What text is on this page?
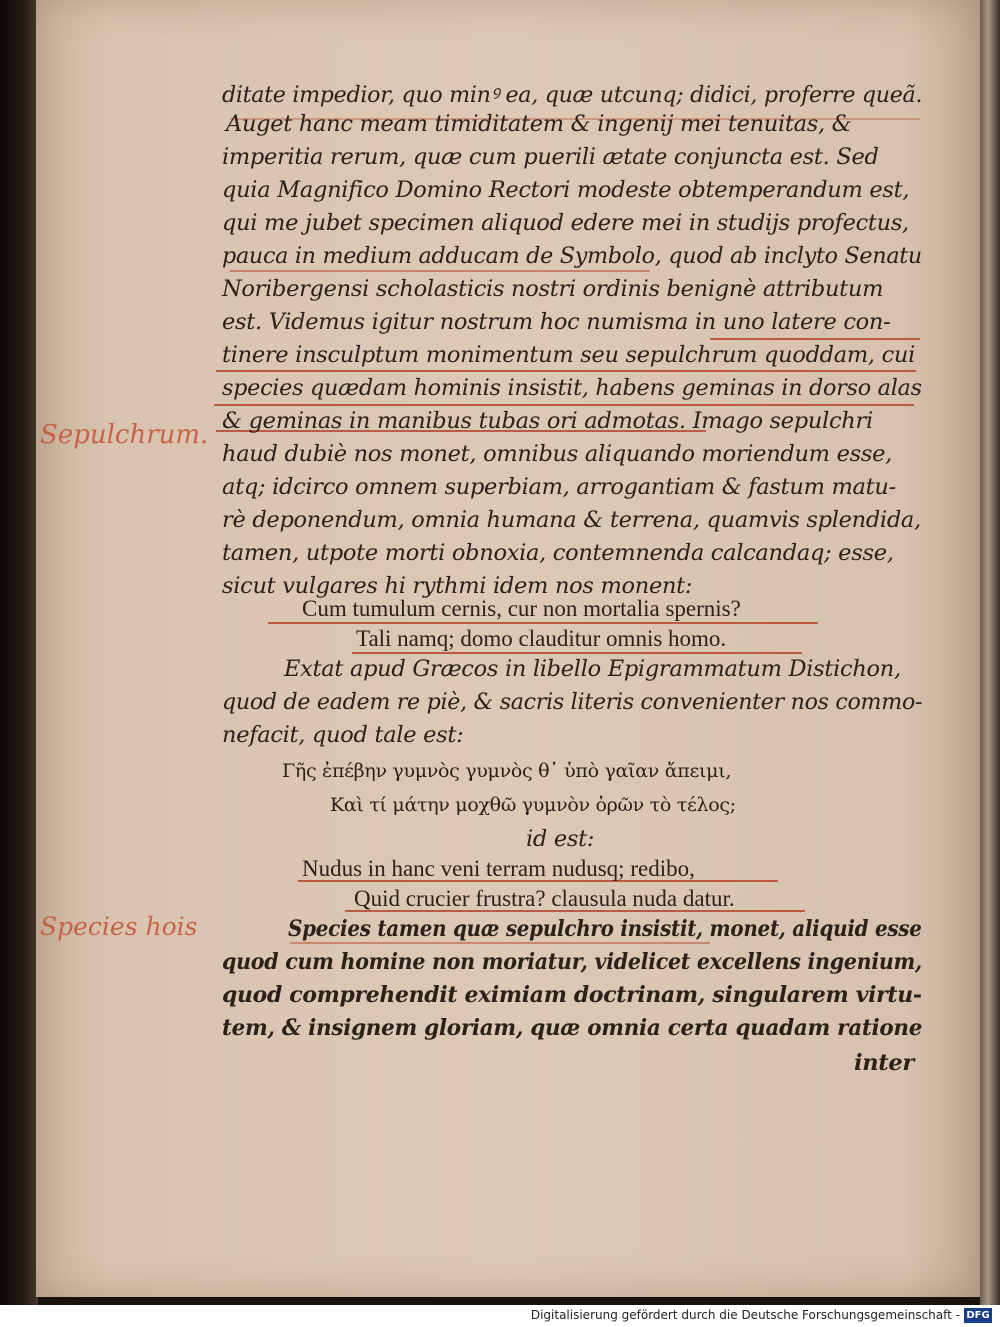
Sepulchrum.
Species hois
ditate impedior, quo minꝰ ea, quæ utcunq; didici, proferre queã.
Auget hanc meam timiditatem & ingenij mei tenuitas, &
imperitia rerum, quæ cum puerili ætate conjuncta est. Sed
quia Magnifico Domino Rectori modeste obtemperandum est,
qui me jubet specimen aliquod edere mei in studijs profectus,
pauca in medium adducam de Symbolo, quod ab inclyto Senatu
Noribergensi scholasticis nostri ordinis benignè attributum
est. Videmus igitur nostrum hoc numisma in uno latere con-
tinere insculptum monimentum seu sepulchrum quoddam, cui
species quædam hominis insistit, habens geminas in dorso alas
& geminas in manibus tubas ori admotas. Imago sepulchri
haud dubiè nos monet, omnibus aliquando moriendum esse,
atq; idcirco omnem superbiam, arrogantiam & fastum matu-
rè deponendum, omnia humana & terrena, quamvis splendida,
tamen, utpote morti obnoxia, contemnenda calcandaq; esse,
sicut vulgares hi rythmi idem nos monent:
Cum tumulum cernis, cur non mortalia spernis?
Tali namq; domo clauditur omnis homo.
Extat apud Græcos in libello Epigrammatum Distichon,
quod de eadem re piè, & sacris literis convenienter nos commo-
nefacit, quod tale est:
Γῆς ἐπέβην γυμνὸς γυμνὸς θ᾽ ὑπὸ γαῖαν ἄπειμι,
Καὶ τί μάτην μοχθῶ γυμνὸν ὁρῶν τὸ τέλος;
id est:
Nudus in hanc veni terram nudusq; redibo,
Quid crucier frustra? clausula nuda datur.
Species tamen quæ sepulchro insistit, monet, aliquid esse
quod cum homine non moriatur, videlicet excellens ingenium,
quod comprehendit eximiam doctrinam, singularem virtu-
tem, & insignem gloriam, quæ omnia certa quadam ratione
inter
Digitalisierung gefördert durch die Deutsche Forschungsgemeinschaft - DFG
